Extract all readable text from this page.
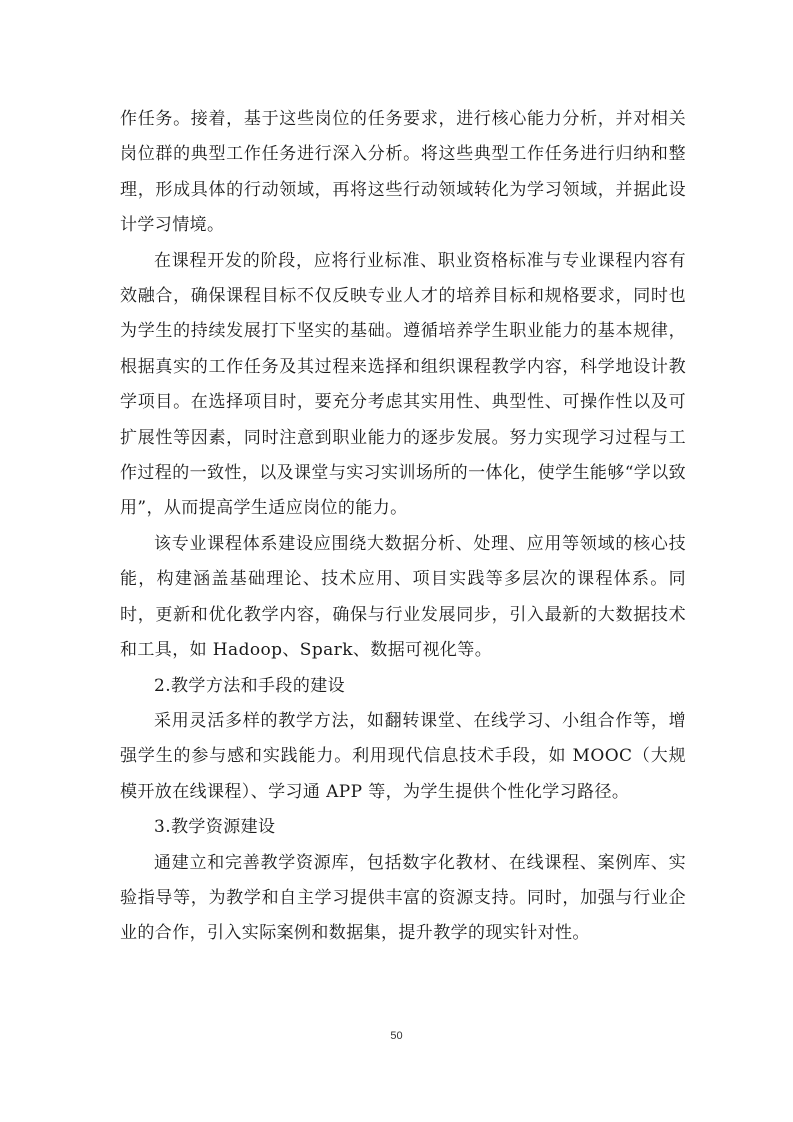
作任务。接着，基于这些岗位的任务要求，进行核心能力分析，并对相关岗位群的典型工作任务进行深入分析。将这些典型工作任务进行归纳和整理，形成具体的行动领域，再将这些行动领域转化为学习领域，并据此设计学习情境。

在课程开发的阶段，应将行业标准、职业资格标准与专业课程内容有效融合，确保课程目标不仅反映专业人才的培养目标和规格要求，同时也为学生的持续发展打下坚实的基础。遵循培养学生职业能力的基本规律，根据真实的工作任务及其过程来选择和组织课程教学内容，科学地设计教学项目。在选择项目时，要充分考虑其实用性、典型性、可操作性以及可扩展性等因素，同时注意到职业能力的逐步发展。努力实现学习过程与工作过程的一致性，以及课堂与实习实训场所的一体化，使学生能够“学以致用”，从而提高学生适应岗位的能力。

该专业课程体系建设应围绕大数据分析、处理、应用等领域的核心技能，构建涵盖基础理论、技术应用、项目实践等多层次的课程体系。同时，更新和优化教学内容，确保与行业发展同步，引入最新的大数据技术和工具，如 Hadoop、Spark、数据可视化等。

2.教学方法和手段的建设

采用灵活多样的教学方法，如翻转课堂、在线学习、小组合作等，增强学生的参与感和实践能力。利用现代信息技术手段，如 MOOC（大规模开放在线课程）、学习通 APP 等，为学生提供个性化学习路径。

3.教学资源建设

通建立和完善教学资源库，包括数字化教材、在线课程、案例库、实验指导等，为教学和自主学习提供丰富的资源支持。同时，加强与行业企业的合作，引入实际案例和数据集，提升教学的现实针对性。

50
